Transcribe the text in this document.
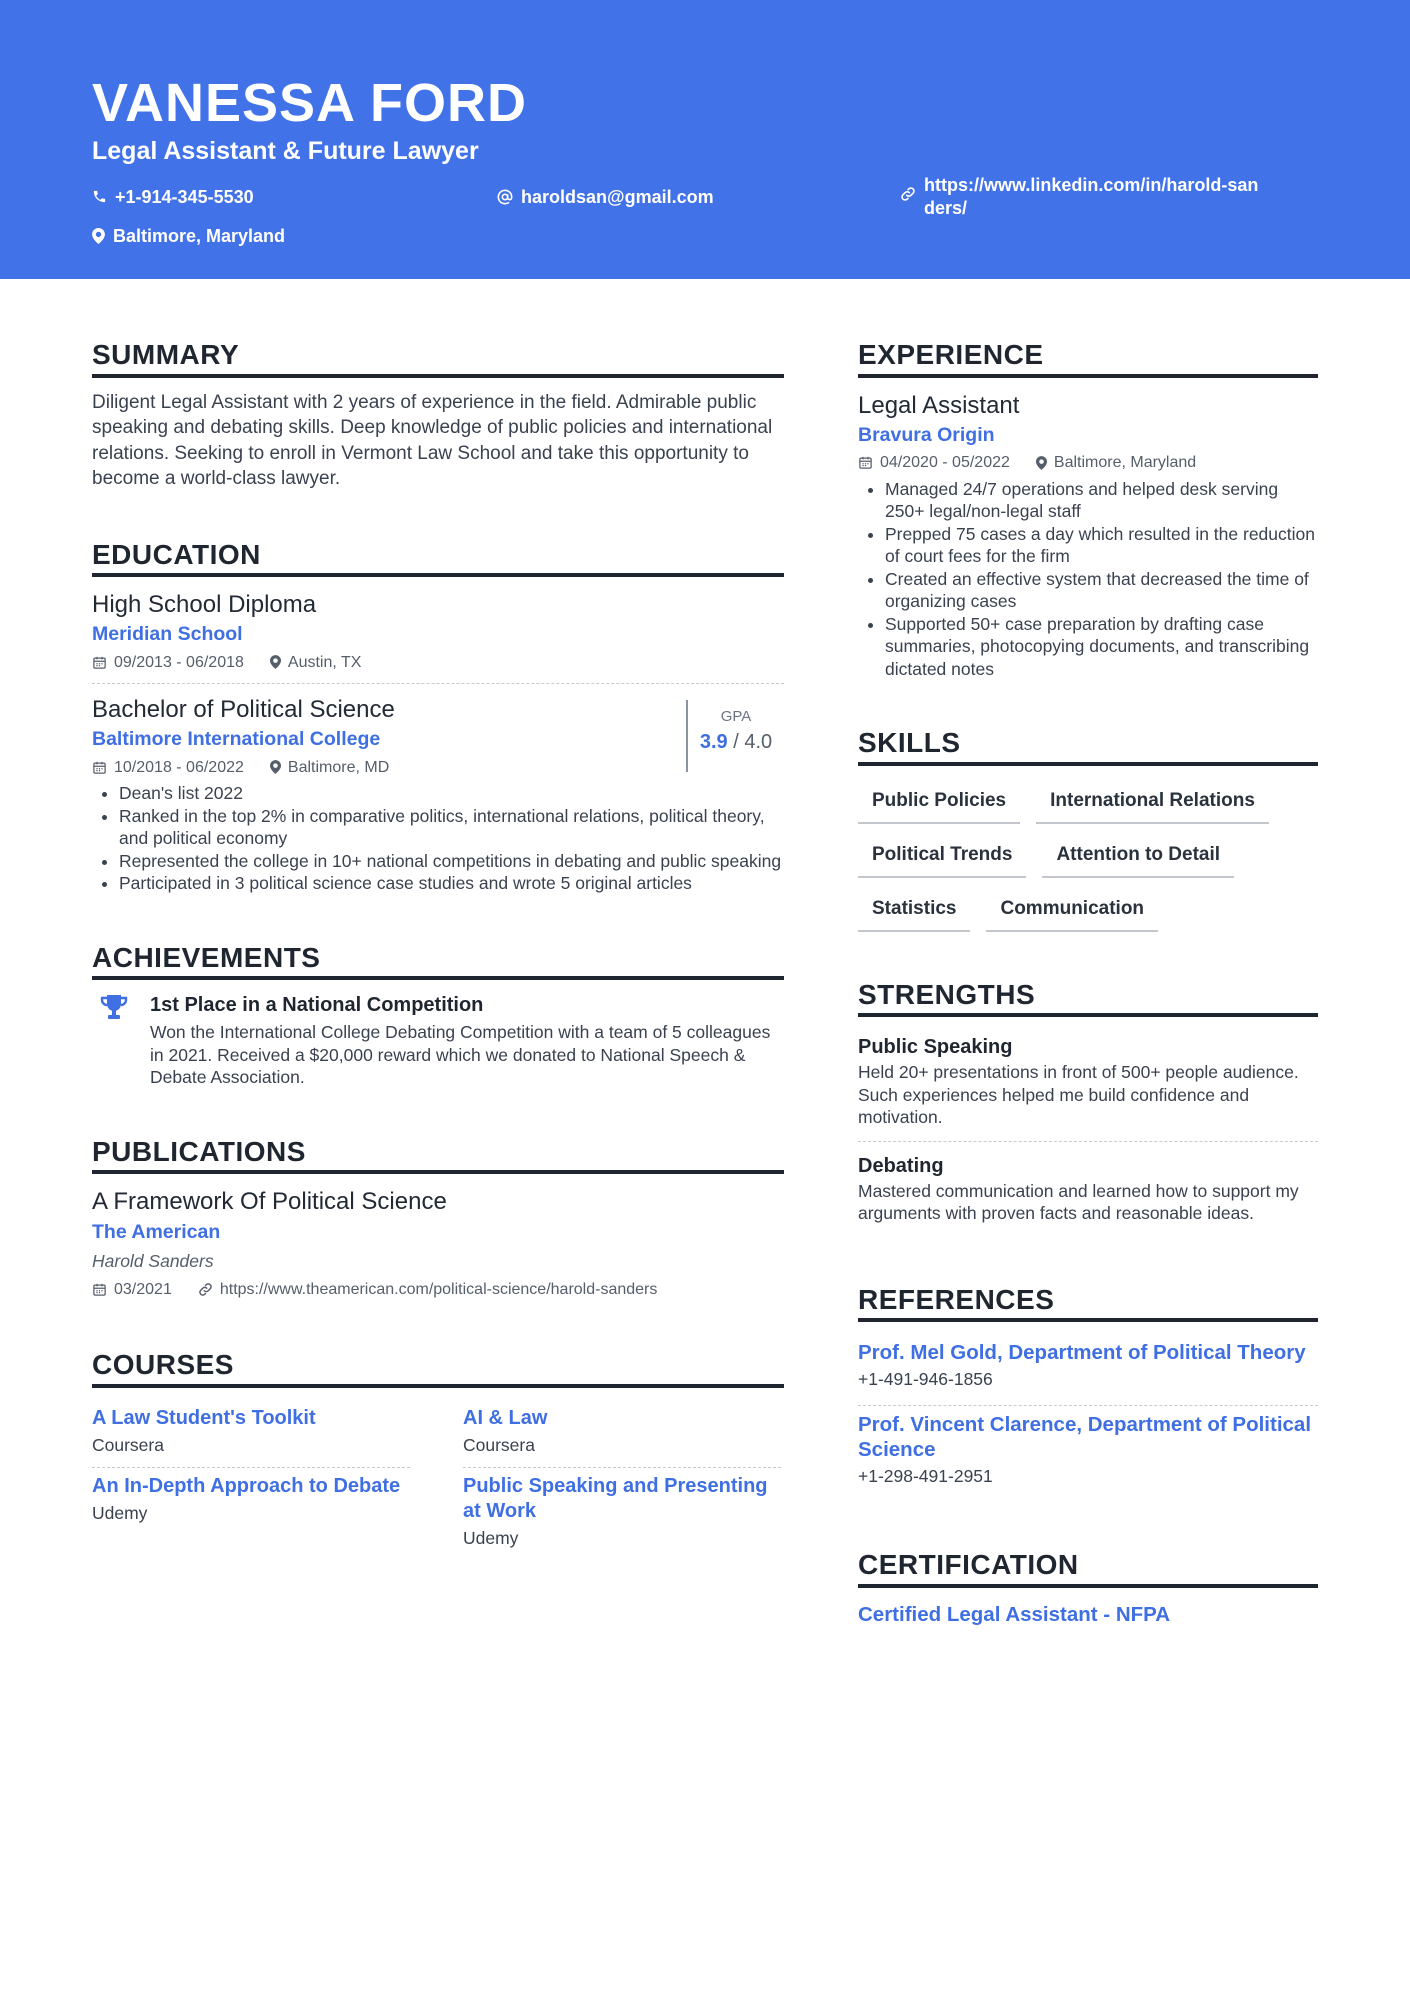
VANESSA FORD
Legal Assistant & Future Lawyer
+1-914-345-5530	haroldsan@gmail.com
https://www.linkedin.com/in/harold-sanders/
Baltimore, Maryland
SUMMARY

Diligent Legal Assistant with 2 years of experience in the field. Admirable public speaking and debating skills. Deep knowledge of public policies and international relations. Seeking to enroll in Vermont Law School and take this opportunity to become a world-class lawyer.

EDUCATION
High School Diploma
Meridian School
09/2013 - 06/2018	Austin, TX
Bachelor of Political Science
Baltimore International College
10/2018 - 06/2022	Baltimore, MD
GPA
3.9 / 4.0
• Dean's list 2022
• Ranked in the top 2% in comparative politics, international relations, political theory, and political economy
• Represented the college in 10+ national competitions in debating and public speaking
• Participated in 3 political science case studies and wrote 5 original articles
ACHIEVEMENTS
1st Place in a National Competition
Won the International College Debating Competition with a team of 5 colleagues in 2021. Received a $20,000 reward which we donated to National Speech & Debate Association.
PUBLICATIONS
A Framework Of Political Science
The American
Harold Sanders
03/2021	https://www.theamerican.com/political-science/harold-sanders
COURSES
A Law Student's Toolkit
Coursera
AI & Law
Coursera
An In-Depth Approach to Debate
Udemy
Public Speaking and Presenting at Work
Udemy
EXPERIENCE
Legal Assistant
Bravura Origin
04/2020 - 05/2022	Baltimore, Maryland
• Managed 24/7 operations and helped desk serving 250+ legal/non-legal staff
• Prepped 75 cases a day which resulted in the reduction of court fees for the firm
• Created an effective system that decreased the time of organizing cases
• Supported 50+ case preparation by drafting case summaries, photocopying documents, and transcribing dictated notes
SKILLS
Public Policies	International Relations
Political Trends	Attention to Detail
Statistics	Communication
STRENGTHS
Public Speaking
Held 20+ presentations in front of 500+ people audience. Such experiences helped me build confidence and motivation.
Debating
Mastered communication and learned how to support my arguments with proven facts and reasonable ideas.
REFERENCES
Prof. Mel Gold, Department of Political Theory
+1-491-946-1856
Prof. Vincent Clarence, Department of Political Science
+1-298-491-2951
CERTIFICATION
Certified Legal Assistant - NFPA
